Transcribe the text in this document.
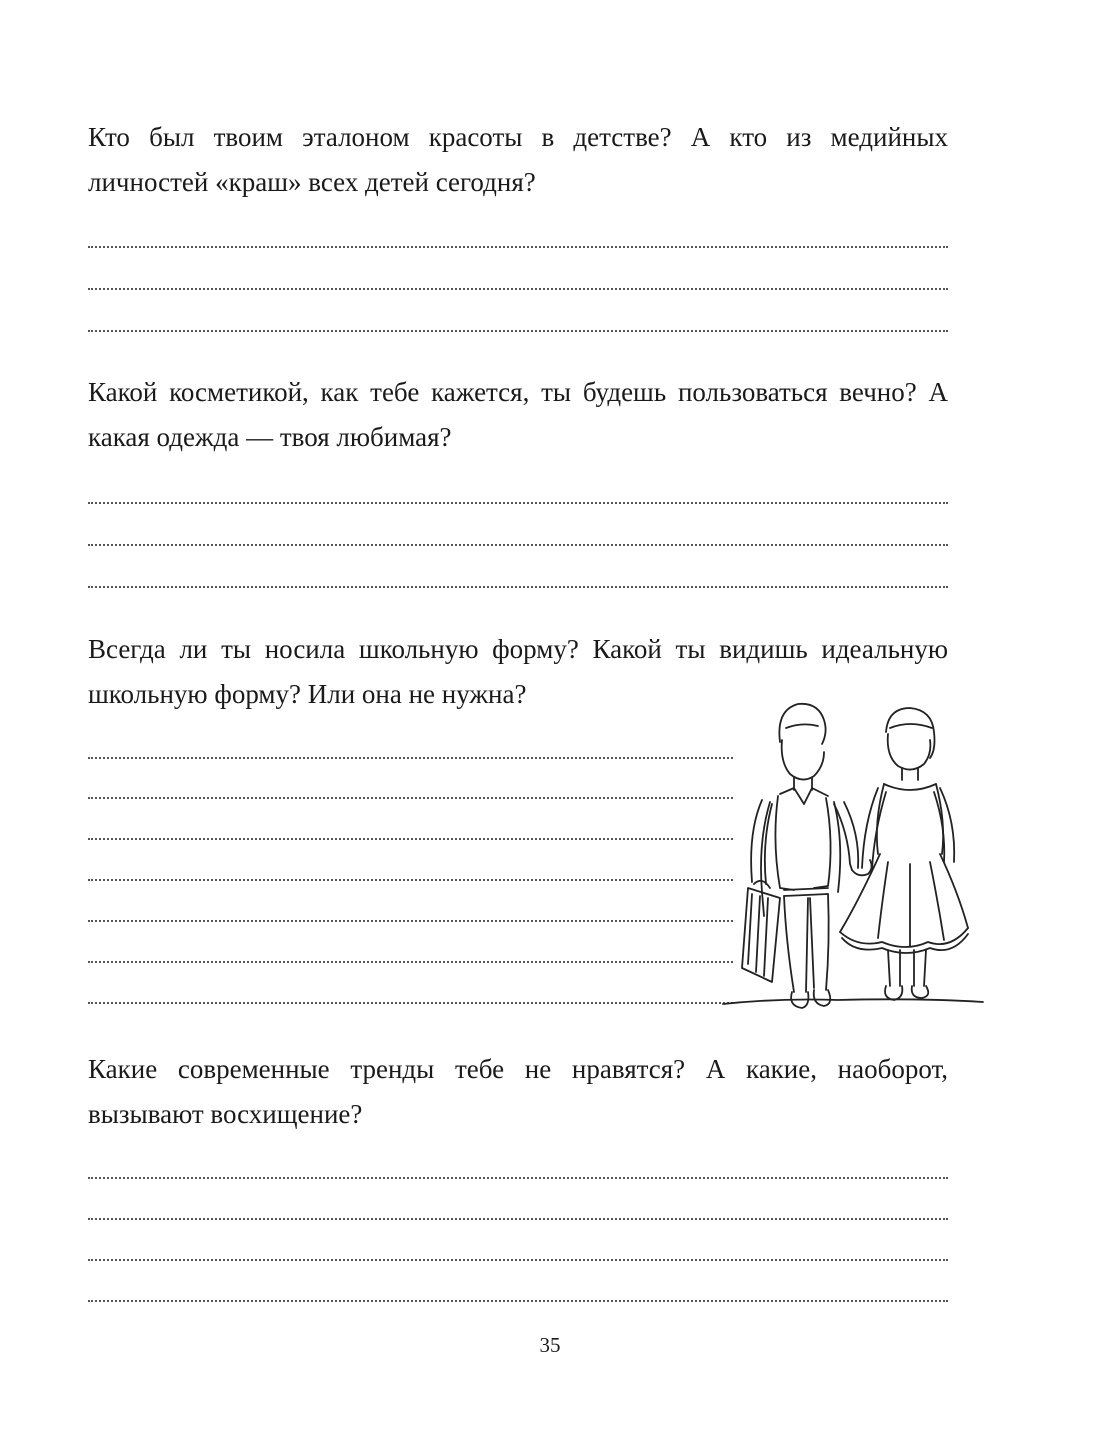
Кто был твоим эталоном красоты в детстве? А кто из медийных личностей «краш» всех детей сегодня?

Какой косметикой, как тебе кажется, ты будешь пользоваться вечно? А какая одежда — твоя любимая?

Всегда ли ты носила школьную форму? Какой ты видишь идеальную школьную форму? Или она не нужна?

Какие современные тренды тебе не нравятся? А какие, наоборот, вызывают восхищение?

35
